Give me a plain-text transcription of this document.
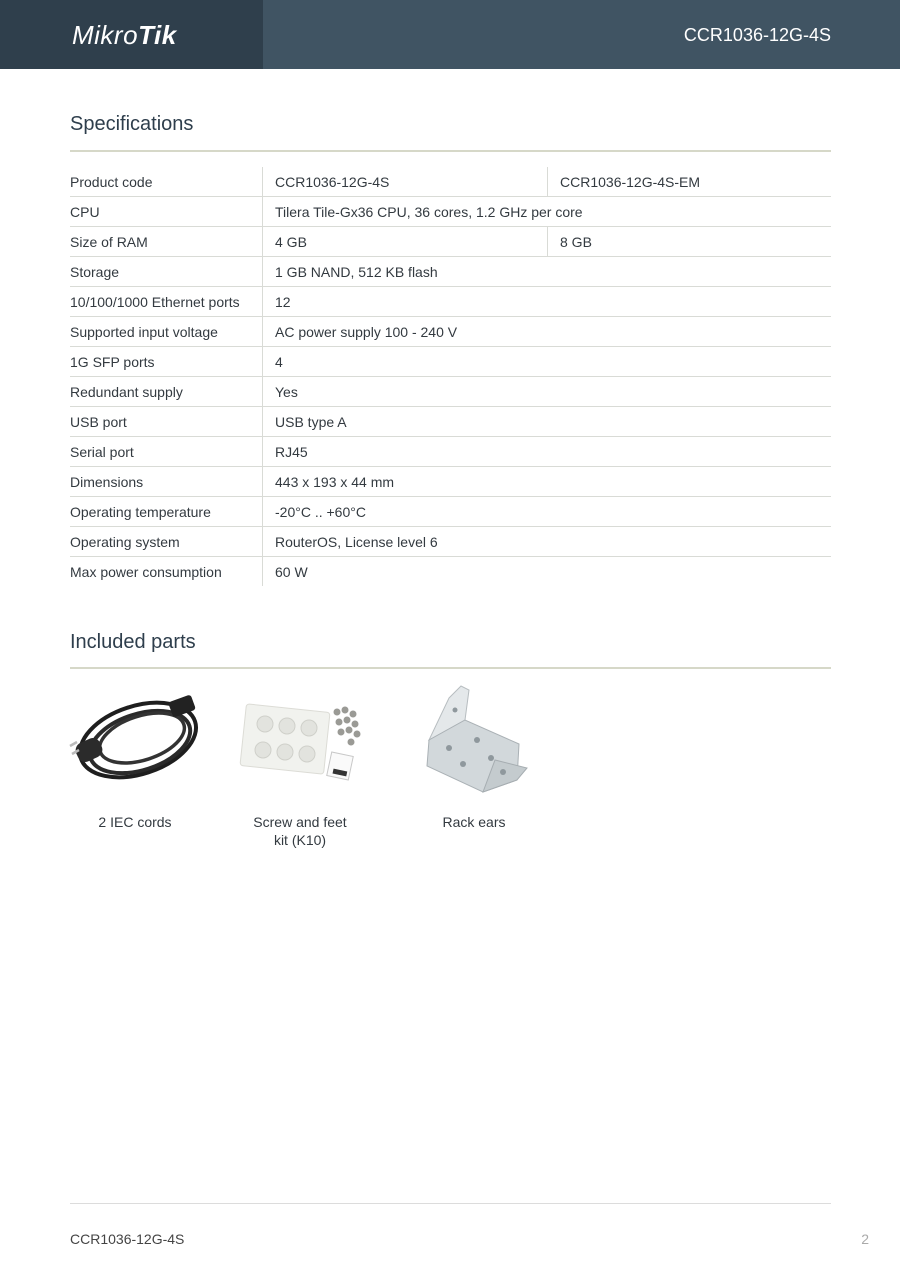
MikroTik	CCR1036-12G-4S
Specifications
Product code	CCR1036-12G-4S	CCR1036-12G-4S-EM
CPU	Tilera Tile-Gx36 CPU, 36 cores, 1.2 GHz per core	
Size of RAM	4 GB	8 GB
Storage	1 GB NAND, 512 KB flash	
10/100/1000 Ethernet ports	12	
Supported input voltage	AC power supply 100 - 240 V	
1G SFP ports	4	
Redundant supply	Yes	
USB port	USB type A	
Serial port	RJ45	
Dimensions	443 x 193 x 44 mm	
Operating temperature	-20°C .. +60°C	
Operating system	RouterOS, License level 6	
Max power consumption	60 W	
Included parts
2 IEC cords	Screw and feet
kit (K10)
Rack ears
CCR1036-12G-4S	2
